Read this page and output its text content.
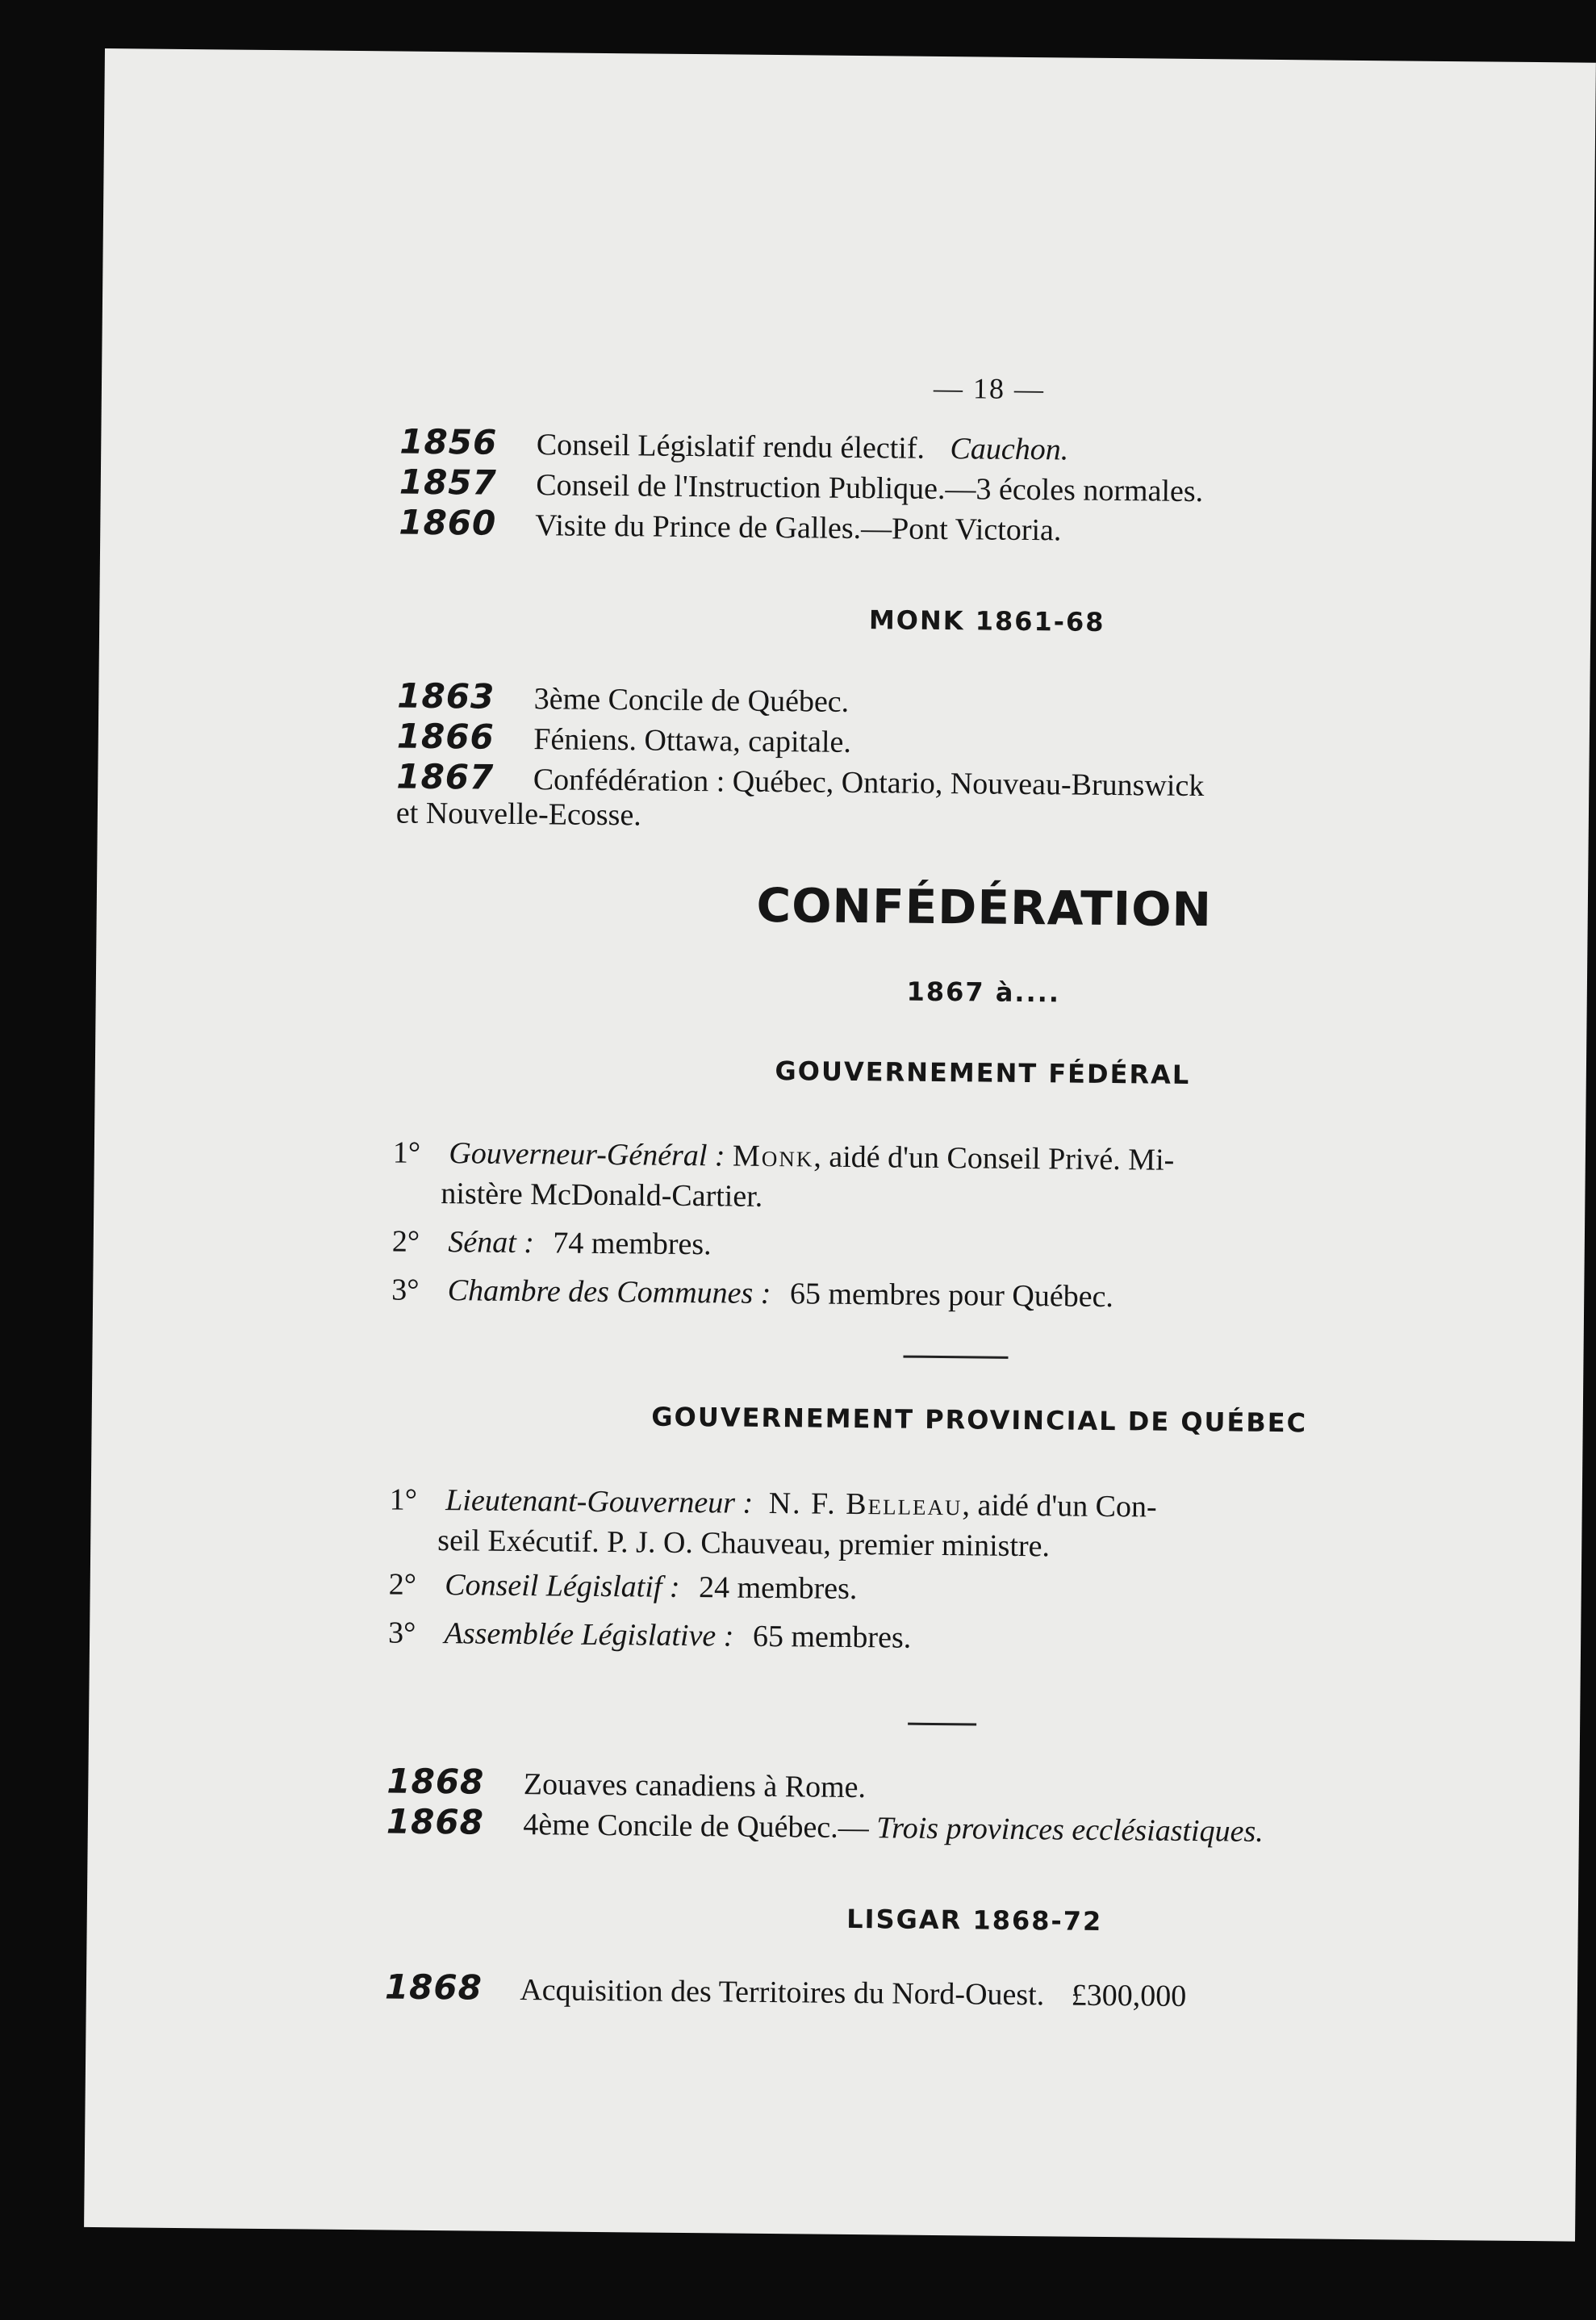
— 18 —
1856 Conseil Législatif rendu électif. Cauchon.
1857 Conseil de l'Instruction Publique.—3 écoles normales.
1860 Visite du Prince de Galles.—Pont Victoria.
MONK 1861-68
1863 3ème Concile de Québec.
1866 Féniens. Ottawa, capitale.
1867 Confédération : Québec, Ontario, Nouveau-Brunswick
et Nouvelle-Ecosse.
CONFÉDÉRATION
1867 à....
GOUVERNEMENT FÉDÉRAL
1° Gouverneur-Général : Monk, aidé d'un Conseil Privé. Mi-
nistère McDonald-Cartier.
2° Sénat : 74 membres.
3° Chambre des Communes : 65 membres pour Québec.
GOUVERNEMENT PROVINCIAL DE QUÉBEC
1° Lieutenant-Gouverneur : N. F. Belleau, aidé d'un Con-
seil Exécutif. P. J. O. Chauveau, premier ministre.
2° Conseil Législatif : 24 membres.
3° Assemblée Législative : 65 membres.
1868 Zouaves canadiens à Rome.
1868 4ème Concile de Québec.— Trois provinces ecclésiastiques.
LISGAR 1868-72
1868 Acquisition des Territoires du Nord-Ouest. £300,000
